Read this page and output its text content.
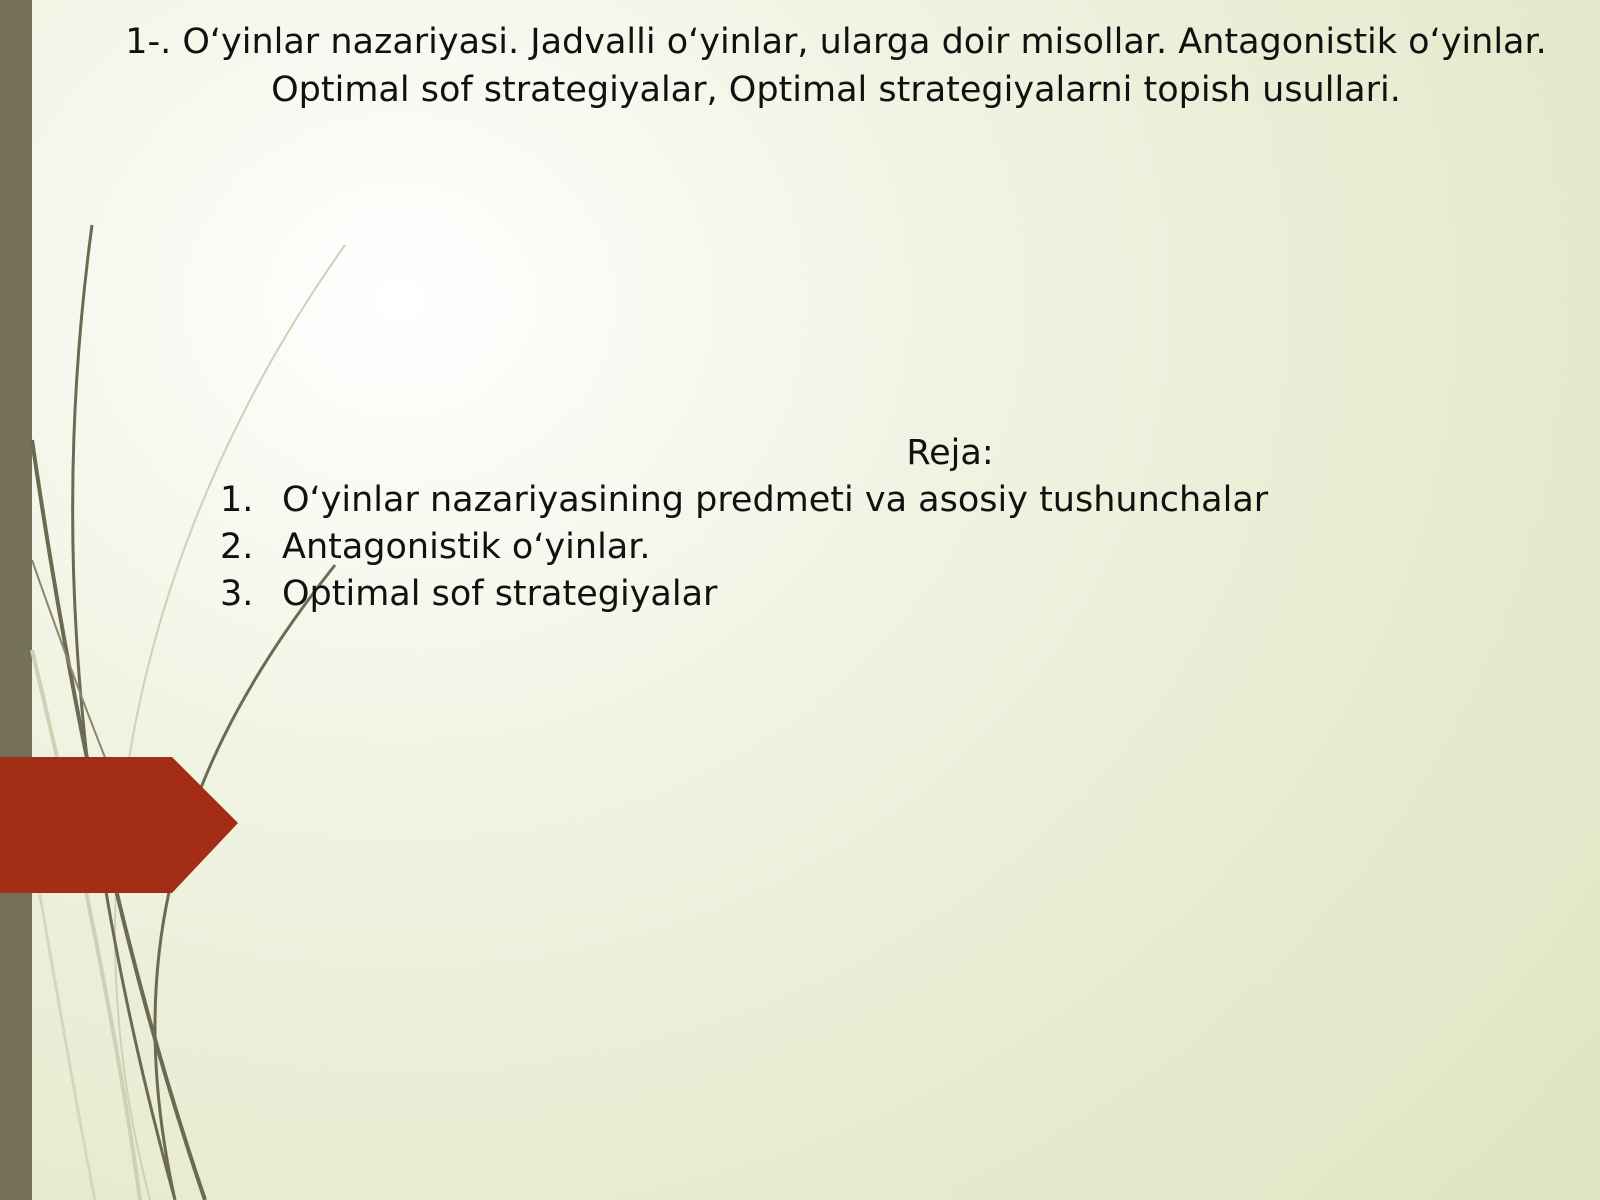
1-. O‘yinlar nazariyasi. Jadvalli o‘yinlar, ularga doir misollar. Antagonistik o‘yinlar.
Optimal sof strategiyalar, Optimal strategiyalarni topish usullari.
Reja:
1. O‘yinlar nazariyasining predmeti va asosiy tushunchalar
2. Antagonistik o‘yinlar.
3. Optimal sof strategiyalar
